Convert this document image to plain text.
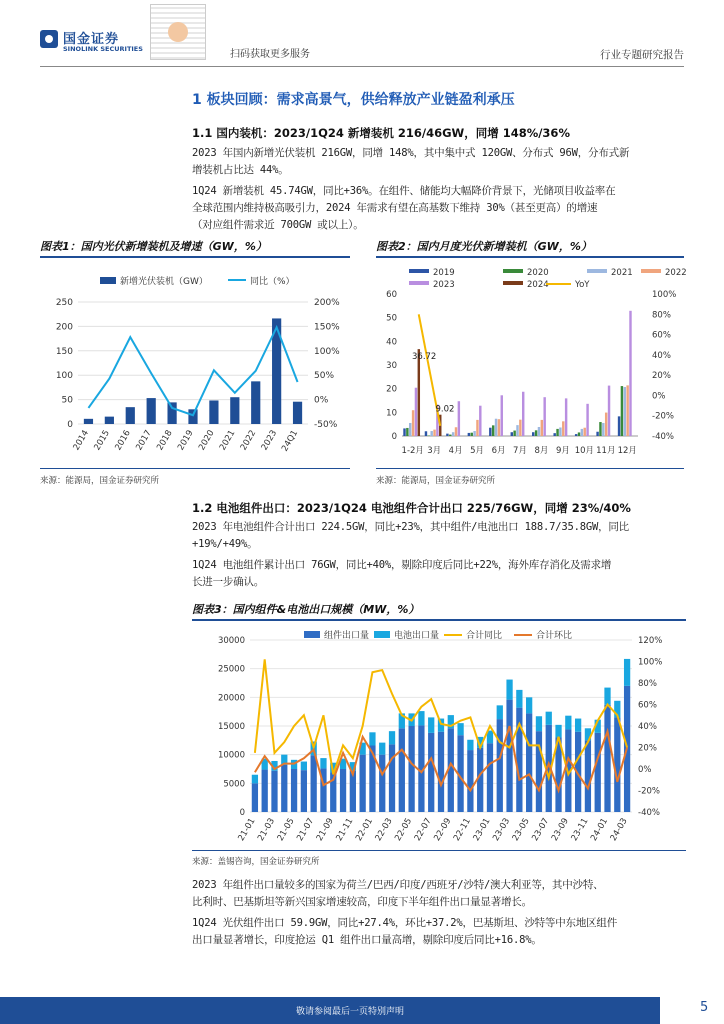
国金证券
SINOLINK SECURITIES	扫码获取更多服务	行业专题研究报告
1 板块回顾：需求高景气，供给释放产业链盈利承压
1.1 国内装机：2023/1Q24 新增装机 216/46GW，同增 148%/36%
2023 年国内新增光伏装机 216GW，同增 148%，其中集中式 120GW、分布式 96W，分布式新
增装机占比达 44%。
1Q24 新增装机 45.74GW，同比+36%。在组件、储能均大幅降价背景下，光储项目收益率在
全球范围内维持极高吸引力，2024 年需求有望在高基数下维持 30%（甚至更高）的增速
（对应组件需求近 700GW 或以上）。
图表1：国内光伏新增装机及增速（GW，%）	图表2：国内月度光伏新增装机（GW，%）
新增光伏装机（GW）	同比（%）
0
50
100
150
200
250
-50%
0%
50%
100%
150%
200%
2014 2015 2016 2017 2018 2019 2020 2021 2022 2023 24Q1
2019	2020	2021	2022
2023	2024	YoY
0
10
20
30
40
50
60
-40%
-20%
0%
20%
40%
60%
80%
100%
36.72
9.02
1-2月 3月 4月 5月 6月 7月 8月 9月 10月 11月 12月
来源：能源局，国金证券研究所	来源：能源局，国金证券研究所
1.2 电池组件出口：2023/1Q24 电池组件合计出口 225/76GW，同增 23%/40%
2023 年电池组件合计出口 224.5GW，同比+23%，其中组件/电池出口 188.7/35.8GW，同比
+19%/+49%。
1Q24 电池组件累计出口 76GW，同比+40%，剔除印度后同比+22%，海外库存消化及需求增
长进一步确认。
图表3：国内组件&电池出口规模（MW，%）
组件出口量	电池出口量	合计同比	合计环比
0
5000
10000
15000
20000
25000
30000
-40%
-20%
0%
20%
40%
60%
80%
100%
120%
21-01
21-03
21-05
21-07
21-09
21-11
22-01
22-03
22-05
22-07
22-09
22-11
23-01
23-03
23-05
23-07
23-09
23-11
24-01
24-03
来源：盖锡咨询，国金证券研究所
2023 年组件出口量较多的国家为荷兰/巴西/印度/西班牙/沙特/澳大利亚等，其中沙特、
比利时、巴基斯坦等新兴国家增速较高，印度下半年组件出口量显著增长。
1Q24 光伏组件出口 59.9GW，同比+27.4%，环比+37.2%，巴基斯坦、沙特等中东地区组件
出口量显著增长，印度抢运 Q1 组件出口量高增，剔除印度后同比+16.8%。
敬请参阅最后一页特别声明	5
